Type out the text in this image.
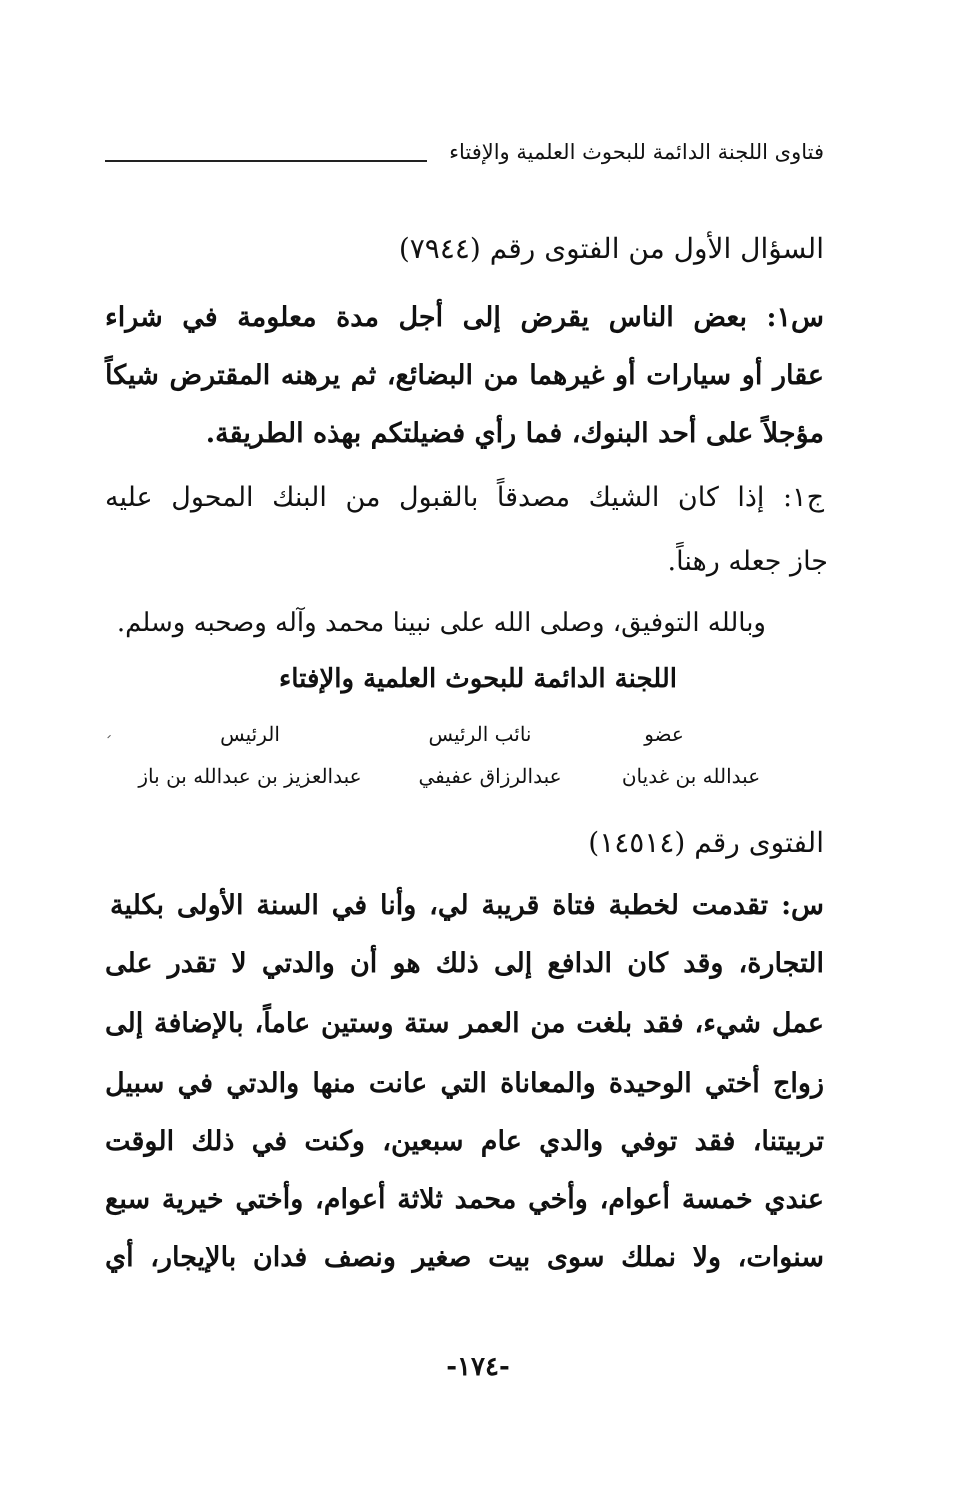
فتاوى اللجنة الدائمة للبحوث العلمية والإفتاء
السؤال الأول من الفتوى رقم (٧٩٤٤)
س١: بعض الناس يقرض إلى أجل مدة معلومة في شراء
عقار أو سيارات أو غيرهما من البضائع، ثم يرهنه المقترض شيكاً
مؤجلاً على أحد البنوك، فما رأي فضيلتكم بهذه الطريقة.
ج١: إذا كان الشيك مصدقاً بالقبول من البنك المحول عليه
جاز جعله رهناً.
وبالله التوفيق، وصلى الله على نبينا محمد وآله وصحبه وسلم.
اللجنة الدائمة للبحوث العلمية والإفتاء
عضو
نائب الرئيس
الرئيس
عبدالله بن غديان
عبدالرزاق عفيفي
عبدالعزيز بن عبدالله بن باز
الفتوى رقم (١٤٥١٤)
س: تقدمت لخطبة فتاة قريبة لي، وأنا في السنة الأولى بكلية
التجارة، وقد كان الدافع إلى ذلك هو أن والدتي لا تقدر على
عمل شيء، فقد بلغت من العمر ستة وستين عاماً، بالإضافة إلى
زواج أختي الوحيدة والمعاناة التي عانت منها والدتي في سبيل
تربيتنا، فقد توفي والدي عام سبعين، وكنت في ذلك الوقت
عندي خمسة أعوام، وأخي محمد ثلاثة أعوام، وأختي خيرية سبع
سنوات، ولا نملك سوى بيت صغير ونصف فدان بالإيجار، أي
-١٧٤-
